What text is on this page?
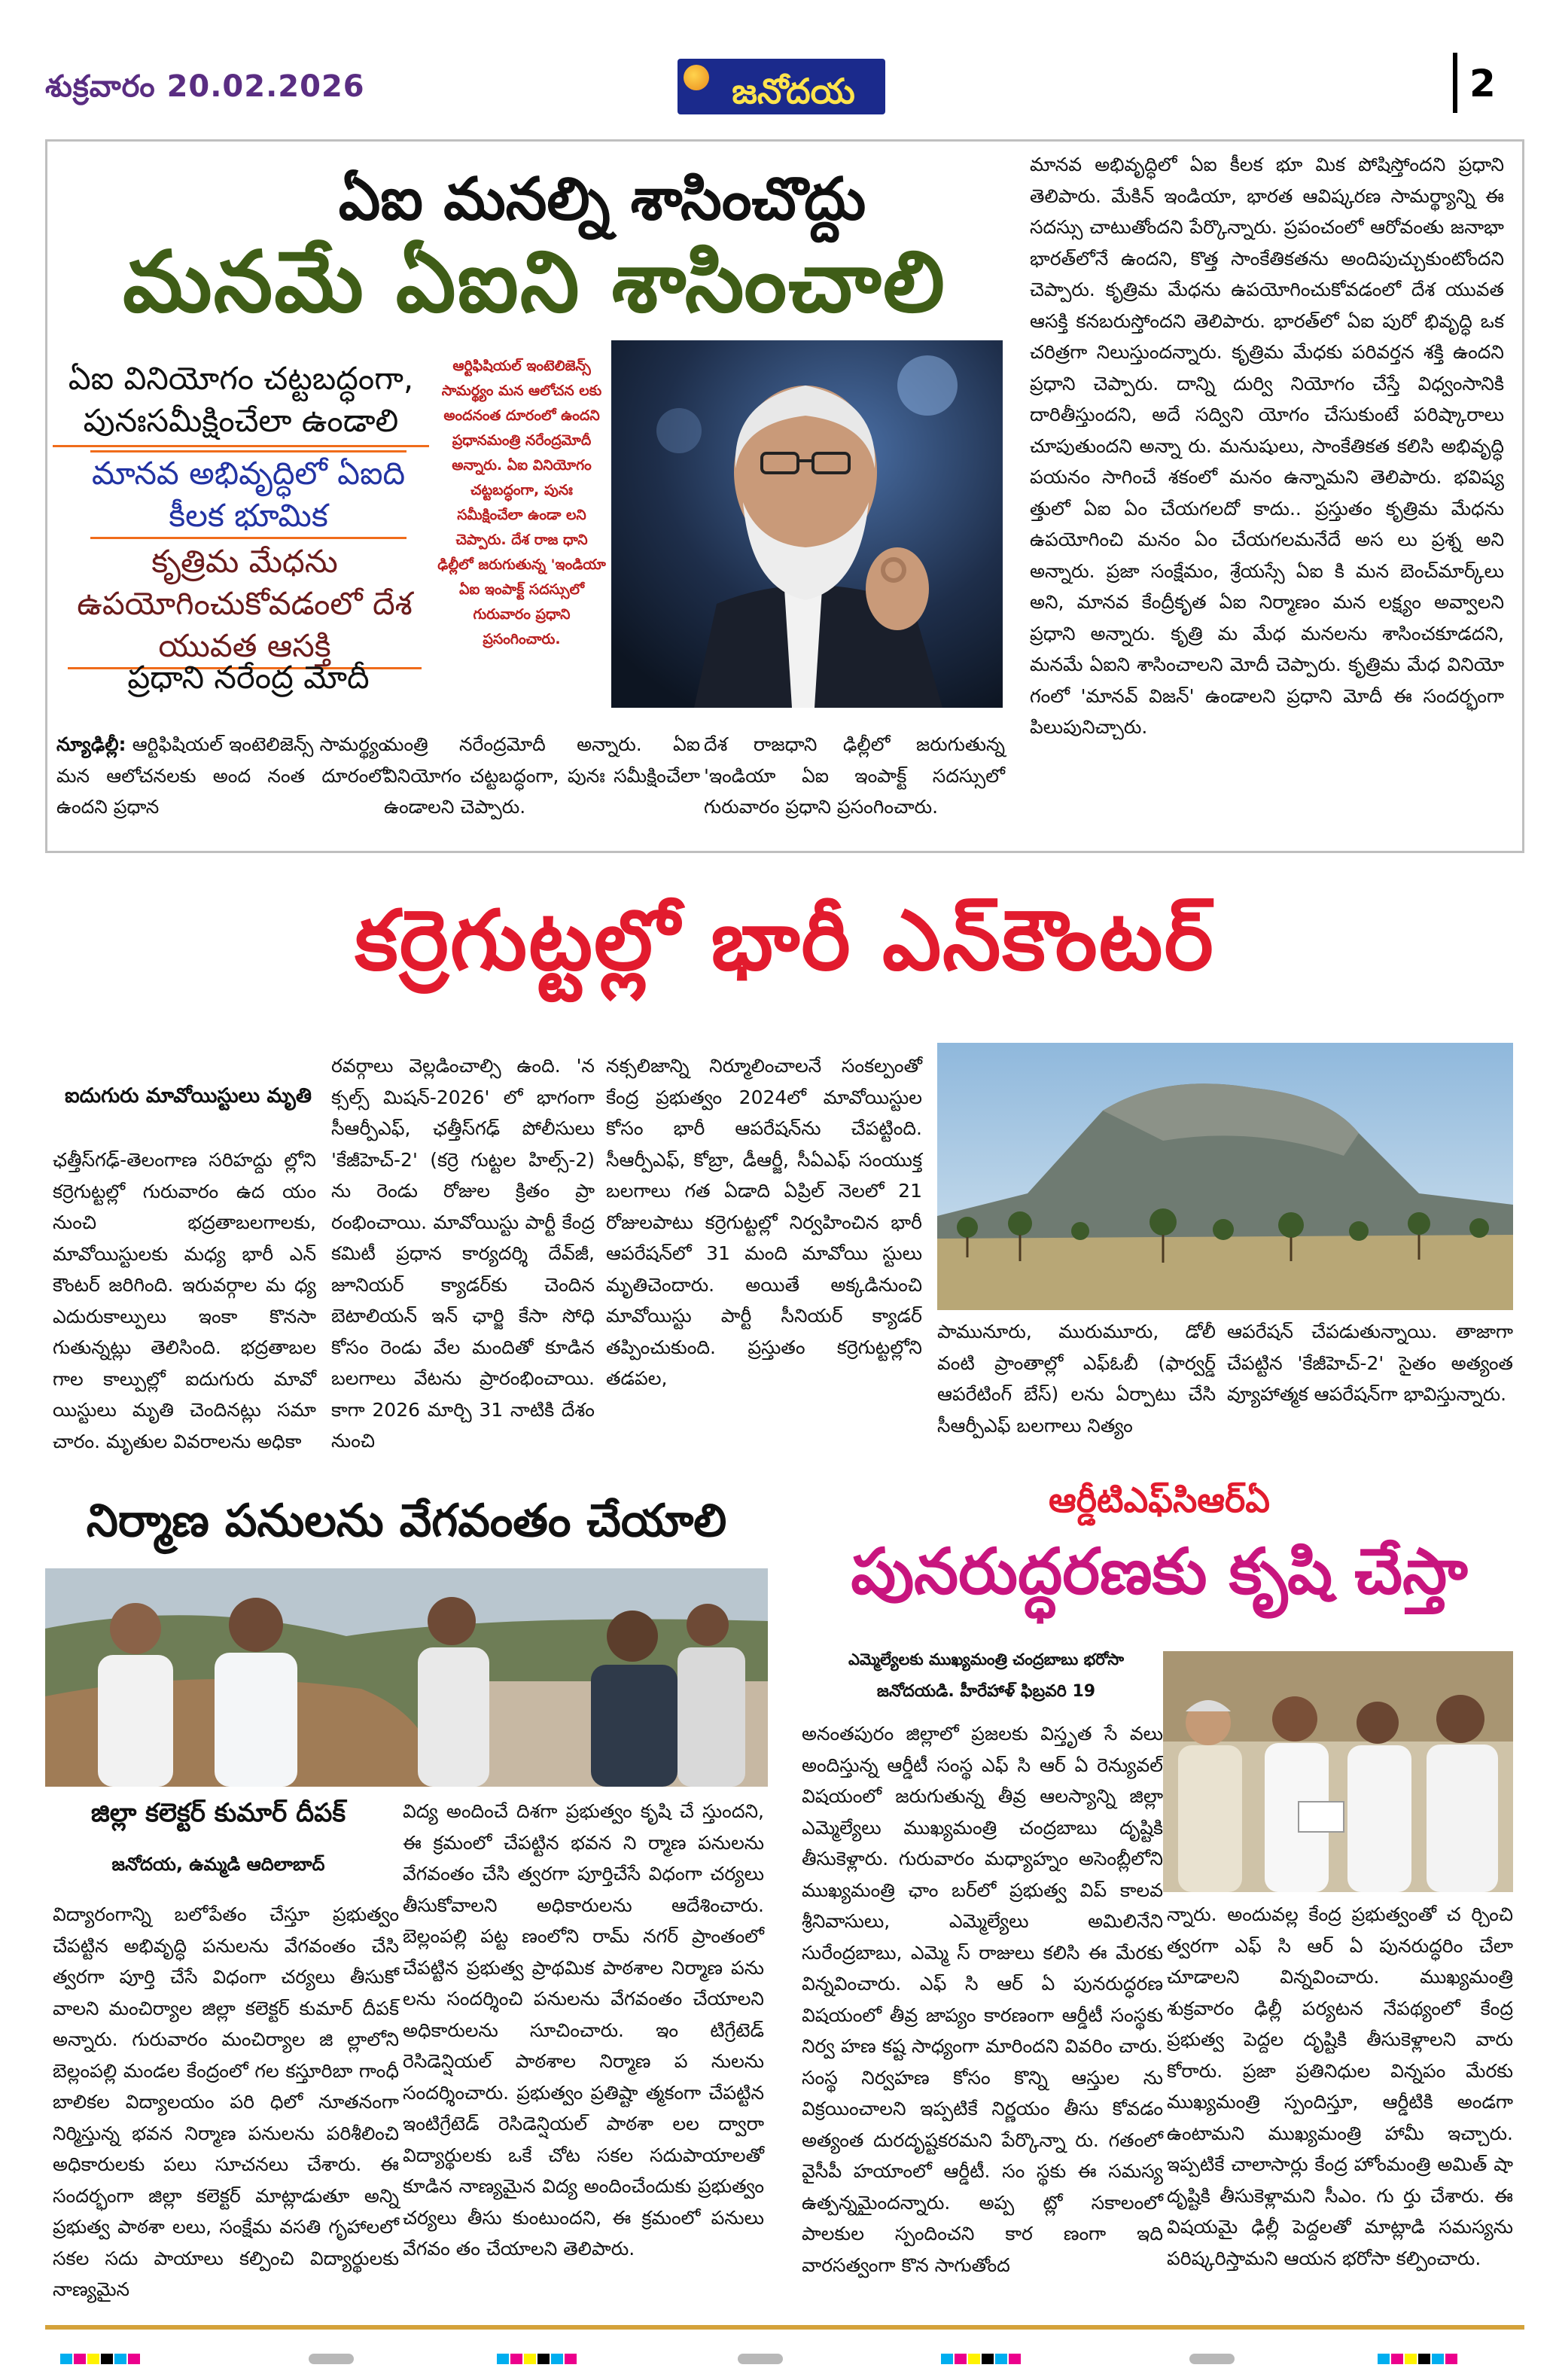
శుక్రవారం 20.02.2026	జనోదయ	2
ఏఐ మనల్ని శాసించొద్దు
మనమే ఏఐని శాసించాలి
ఏఐ వినియోగం చట్టబద్ధంగా, పునఃసమీక్షించేలా ఉండాలి
మానవ అభివృద్ధిలో ఏఐది కీలక భూమిక
కృత్రిమ మేధను ఉపయోగించుకోవడంలో దేశ యువత ఆసక్తి
ప్రధాని నరేంద్ర మోదీ

ఆర్టిఫిషియల్ ఇంటెలిజెన్స్ సామర్థ్యం మన ఆలోచన లకు అందనంత దూరంలో ఉందని ప్రధానమంత్రి నరేంద్రమోదీ అన్నారు. ఏఐ వినియోగం చట్టబద్ధంగా, పునః సమీక్షించేలా ఉండా లని చెప్పారు. దేశ రాజ ధాని ఢిల్లీలో జరుగుతున్న 'ఇండియా ఏఐ ఇంపాక్ట్ సదస్సులో గురువారం ప్రధాని ప్రసంగించారు.

మానవ అభివృద్ధిలో ఏఐ కీలక భూ మిక పోషిస్తోందని ప్రధాని తెలిపారు. మేకిన్ ఇండియా, భారత ఆవిష్కరణ సామర్థ్యాన్ని ఈ సదస్సు చాటుతోందని పేర్కొన్నారు. ప్రపంచంలో ఆరోవంతు జనాభా భారత్‌లోనే ఉందని, కొత్త సాంకేతికతను అందిపుచ్చుకుంటోందని చెప్పారు. కృత్రిమ మేధను ఉపయోగించుకోవడంలో దేశ యువత ఆసక్తి కనబరుస్తోందని తెలిపారు. భారత్‌లో ఏఐ పురో భివృద్ధి ఒక చరిత్రగా నిలుస్తుందన్నారు. కృత్రిమ మేధకు పరివర్తన శక్తి ఉందని ప్రధాని చెప్పారు. దాన్ని దుర్వి నియోగం చేస్తే విధ్వంసానికి దారితీస్తుందని, అదే సద్విని యోగం చేసుకుంటే పరిష్కారాలు చూపుతుందని అన్నా రు. మనుషులు, సాంకేతికత కలిసి అభివృద్ధి పయనం సాగించే శకంలో మనం ఉన్నామని తెలిపారు. భవిష్య త్తులో ఏఐ ఏం చేయగలదో కాదు.. ప్రస్తుతం కృత్రిమ మేధను ఉపయోగించి మనం ఏం చేయగలమనేదే అస లు ప్రశ్న అని అన్నారు. ప్రజా సంక్షేమం, శ్రేయస్సే ఏఐ కి మన బెంచ్‌మార్క్‌లు అని, మానవ కేంద్రీకృత ఏఐ నిర్మాణం మన లక్ష్యం అవ్వాలని ప్రధాని అన్నారు. కృత్రి మ మేధ మనలను శాసించకూడదని, మనమే ఏఐని శాసించాలని మోదీ చెప్పారు. కృత్రిమ మేధ వినియో గంలో 'మానవ్ విజన్' ఉండాలని ప్రధాని మోదీ ఈ సందర్భంగా పిలుపునిచ్చారు.
న్యూఢిల్లీ: ఆర్టిఫిషియల్ ఇంటెలిజెన్స్ సామర్థ్యం మన ఆలోచనలకు అంద నంత దూరంలో ఉందని ప్రధాన
మంత్రి నరేంద్రమోదీ అన్నారు. ఏఐ వినియోగం చట్టబద్ధంగా, పునః సమీక్షించేలా ఉండాలని చెప్పారు.
దేశ రాజధాని ఢిల్లీలో జరుగుతున్న 'ఇండియా ఏఐ ఇంపాక్ట్ సదస్సులో గురువారం ప్రధాని ప్రసంగించారు.
కర్రెగుట్టల్లో భారీ ఎన్‌కౌంటర్
ఐదుగురు మావోయిస్టులు మృతి
ఛత్తీస్‌గఢ్-తెలంగాణ సరిహద్దు ల్లోని కర్రెగుట్టల్లో గురువారం ఉద యం నుంచి భద్రతాబలగాలకు, మావోయిస్టులకు మధ్య భారీ ఎన్ కౌంటర్ జరిగింది. ఇరువర్గాల మ ధ్య ఎదురుకాల్పులు ఇంకా కొనసా గుతున్నట్లు తెలిసింది. భద్రతాబల గాల కాల్పుల్లో ఐదుగురు మావో యిస్టులు మృతి చెందినట్లు సమా చారం. మృతుల వివరాలను అధికా
రవర్గాలు వెల్లడించాల్సి ఉంది. 'న క్సల్స్ మిషన్-2026' లో భాగంగా సీఆర్పీఎఫ్, ఛత్తీస్‌గఢ్ పోలీసులు 'కేజీహెచ్-2' (కర్రె గుట్టల హిల్స్-2) ను రెండు రోజుల క్రితం ప్రా రంభించాయి. మావోయిస్టు పార్టీ కేంద్ర కమిటీ ప్రధాన కార్యదర్శి దేవ్‌జీ, జూనియర్ క్యాడర్‌కు చెందిన బెటాలియన్ ఇన్ ఛార్జి కేసా సోధి కోసం రెండు వేల మందితో కూడిన బలగాలు వేటను ప్రారంభించాయి. కాగా 2026 మార్చి 31 నాటికి దేశం నుంచి
నక్సలిజాన్ని నిర్మూలించాలనే సంకల్పంతో కేంద్ర ప్రభుత్వం 2024లో మావోయిస్టుల కోసం భారీ ఆపరేషన్‌ను చేపట్టింది. సీఆర్పీఎఫ్, కోబ్రా, డీఆర్జీ, సీఏఎఫ్ సంయుక్త బలగాలు గత ఏడాది ఏప్రిల్ నెలలో 21 రోజులపాటు కర్రెగుట్టల్లో నిర్వహించిన భారీ ఆపరేషన్‌లో 31 మంది మావోయి స్టులు మృతిచెందారు. అయితే అక్కడినుంచి మావోయిస్టు పార్టీ సీనియర్ క్యాడర్ తప్పించుకుంది. ప్రస్తుతం కర్రెగుట్టల్లోని తడపల,
పామునూరు, మురుమూరు, డోలీ వంటి ప్రాంతాల్లో ఎఫ్ఓబీ (ఫార్వర్డ్ ఆపరేటింగ్ బేస్) లను ఏర్పాటు చేసి సీఆర్పీఎఫ్ బలగాలు నిత్యం
ఆపరేషన్ చేపడుతున్నాయి. తాజాగా చేపట్టిన 'కేజీహెచ్-2' సైతం అత్యంత వ్యూహాత్మక ఆపరేషన్‌గా భావిస్తున్నారు.
నిర్మాణ పనులను వేగవంతం చేయాలి
జిల్లా కలెక్టర్ కుమార్ దీపక్
జనోదయ, ఉమ్మడి ఆదిలాబాద్
విద్యారంగాన్ని బలోపేతం చేస్తూ ప్రభుత్వం చేపట్టిన అభివృద్ధి పనులను వేగవంతం చేసి త్వరగా పూర్తి చేసే విధంగా చర్యలు తీసుకో వాలని మంచిర్యాల జిల్లా కలెక్టర్ కుమార్ దీపక్ అన్నారు. గురువారం మంచిర్యాల జి ల్లాలోని బెల్లంపల్లి మండల కేంద్రంలో గల కస్తూరిబా గాంధీ బాలికల విద్యాలయం పరి ధిలో నూతనంగా నిర్మిస్తున్న భవన నిర్మాణ పనులను పరిశీలించి అధికారులకు పలు సూచనలు చేశారు. ఈ సందర్భంగా జిల్లా కలెక్టర్ మాట్లాడుతూ అన్ని ప్రభుత్వ పాఠశా లలు, సంక్షేమ వసతి గృహాలలో సకల సదు పాయాలు కల్పించి విద్యార్థులకు నాణ్యమైన
విద్య అందించే దిశగా ప్రభుత్వం కృషి చే స్తుందని, ఈ క్రమంలో చేపట్టిన భవన ని ర్మాణ పనులను వేగవంతం చేసి త్వరగా పూర్తిచేసే విధంగా చర్యలు తీసుకోవాలని అధికారులను ఆదేశించారు. బెల్లంపల్లి పట్ట ణంలోని రామ్ నగర్ ప్రాంతంలో చేపట్టిన ప్రభుత్వ ప్రాథమిక పాఠశాల నిర్మాణ పను లను సందర్శించి పనులను వేగవంతం చేయాలని అధికారులను సూచించారు. ఇం టిగ్రేటెడ్ రెసిడెన్షియల్ పాఠశాల నిర్మాణ ప నులను సందర్శించారు. ప్రభుత్వం ప్రతిష్టా త్మకంగా చేపట్టిన ఇంటిగ్రేటెడ్ రెసిడెన్షియల్ పాఠశా లల ద్వారా విద్యార్థులకు ఒకే చోట సకల సదుపాయాలతో కూడిన నాణ్యమైన విద్య అందించేందుకు ప్రభుత్వం చర్యలు తీసు కుంటుందని, ఈ క్రమంలో పనులు వేగవం తం చేయాలని తెలిపారు.
ఆర్డీటిఎఫ్‌సిఆర్ఏ
పునరుద్ధరణకు కృషి చేస్తా
ఎమ్మెల్యేలకు ముఖ్యమంత్రి చంద్రబాబు భరోసా
జనోదయడి. హీరేహాళ్ ఫిబ్రవరి 19
అనంతపురం జిల్లాలో ప్రజలకు విస్తృత సే వలు అందిస్తున్న ఆర్డీటీ సంస్థ ఎఫ్ సి ఆర్ ఏ రెన్యువల్ విషయంలో జరుగుతున్న తీవ్ర ఆలస్యాన్ని జిల్లా ఎమ్మెల్యేలు ముఖ్యమంత్రి చంద్రబాబు దృష్టికి తీసుకెళ్లారు. గురువారం మధ్యాహ్నం అసెంబ్లీలోని ముఖ్యమంత్రి ఛాం బర్‌లో ప్రభుత్వ విప్ కాలవ శ్రీనివాసులు, ఎమ్మెల్యేలు అమిలినేని సురేంద్రబాబు, ఎమ్మె స్ రాజులు కలిసి ఈ మేరకు విన్నవించారు. ఎఫ్ సి ఆర్ ఏ పునరుద్ధరణ విషయంలో తీవ్ర జాప్యం కారణంగా ఆర్డీటీ సంస్థకు నిర్వ హణ కష్ట సాధ్యంగా మారిందని వివరిం చారు. సంస్థ నిర్వహణ కోసం కొన్ని ఆస్తుల ను విక్రయించాలని ఇప్పటికే నిర్ణయం తీసు కోవడం అత్యంత దురదృష్టకరమని పేర్కొన్నా రు. గతంలో వైసీపీ హయాంలో ఆర్డీటీ. సం స్థకు ఈ సమస్య ఉత్పన్నమైందన్నారు. అప్ప ట్లో సకాలంలో పాలకుల స్పందించని కార ణంగా ఇది వారసత్వంగా కొన సాగుతోంద
న్నారు. అందువల్ల కేంద్ర ప్రభుత్వంతో చ ర్చించి త్వరగా ఎఫ్ సి ఆర్ ఏ పునరుద్ధరిం చేలా చూడాలని విన్నవించారు. ముఖ్యమంత్రి శుక్రవారం ఢిల్లీ పర్యటన నేపథ్యంలో కేంద్ర ప్రభుత్వ పెద్దల దృష్టికి తీసుకెళ్లాలని వారు కోరారు. ప్రజా ప్రతినిధుల విన్నపం మేరకు ముఖ్యమంత్రి స్పందిస్తూ, ఆర్డీటికి అండగా ఉంటామని ముఖ్యమంత్రి హామీ ఇచ్చారు. ఇప్పటికే చాలాసార్లు కేంద్ర హోంమంత్రి అమిత్ షా దృష్టికి తీసుకెళ్లామని సీఎం. గు ర్తు చేశారు. ఈ విషయమై ఢిల్లీ పెద్దలతో మాట్లాడి సమస్యను పరిష్కరిస్తామని ఆయన భరోసా కల్పించారు.
